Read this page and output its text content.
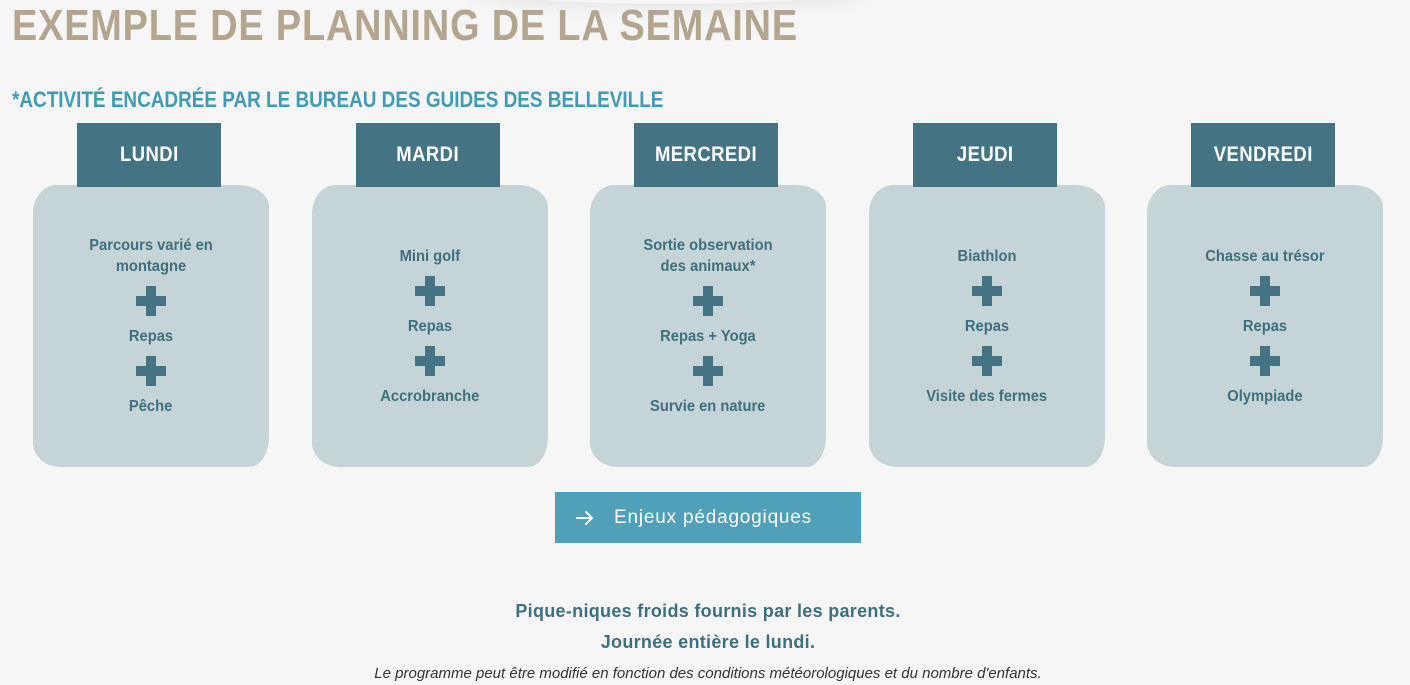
EXEMPLE DE PLANNING DE LA SEMAINE
*ACTIVITÉ ENCADRÉE PAR LE BUREAU DES GUIDES DES BELLEVILLE
LUNDI
Parcours varié en montagne
Repas
Pêche
MARDI
Mini golf
Repas
Accrobranche
MERCREDI
Sortie observation des animaux*
Repas + Yoga
Survie en nature
JEUDI
Biathlon
Repas
Visite des fermes
VENDREDI
Chasse au trésor
Repas
Olympiade
Enjeux pédagogiques
Pique-niques froids fournis par les parents.
Journée entière le lundi.
Le programme peut être modifié en fonction des conditions météorologiques et du nombre d'enfants.
